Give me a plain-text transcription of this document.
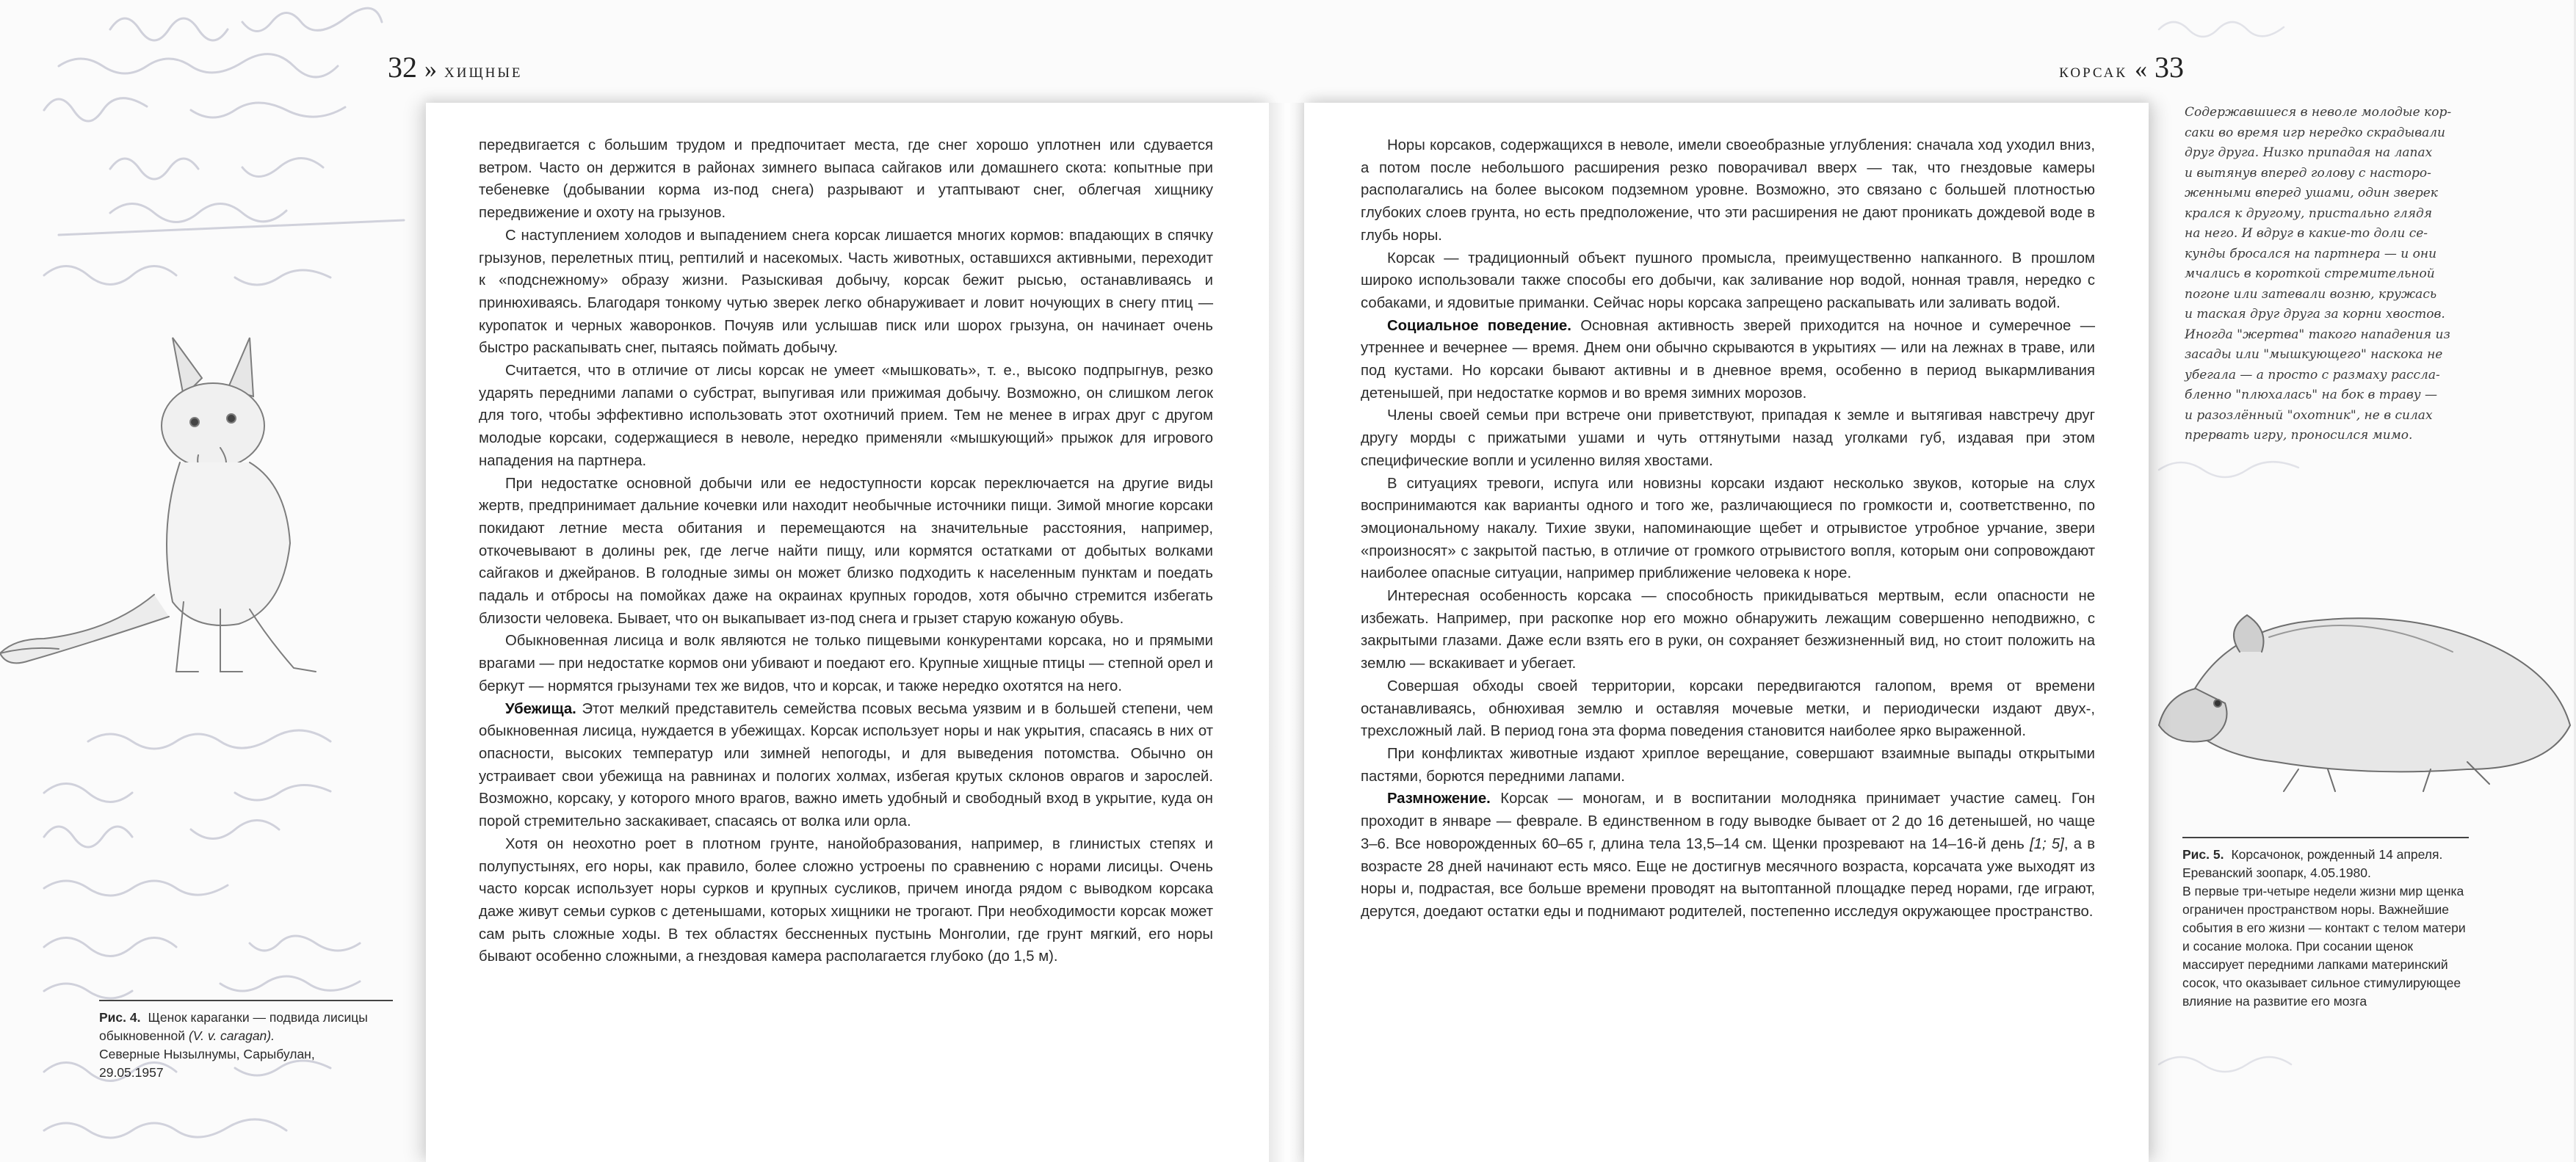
32 » ХИЩНЫЕ	КОРСАК « 33

передвигается с большим трудом и предпочитает места, где снег хорошо уплотнен или сдувается ветром. Часто он держится в районах зимнего выпаса сайгаков или домашнего скота: копытные при тебеневке (добывании корма из-под снега) разрывают и утаптывают снег, облегчая хищнику передвижение и охоту на грызунов.

С наступлением холодов и выпадением снега корсак лишается многих кормов: впадающих в спячку грызунов, перелетных птиц, рептилий и насекомых. Часть животных, оставшихся активными, переходит к «подснежному» образу жизни. Разыскивая добычу, корсак бежит рысью, останавливаясь и принюхиваясь. Благодаря тонкому чутью зверек легко обнаруживает и ловит ночующих в снегу птиц — куропаток и черных жаворонков. Почуяв или услышав писк или шорох грызуна, он начинает очень быстро раскапывать снег, пытаясь поймать добычу.

Считается, что в отличие от лисы корсак не умеет «мышковать», т. е., высоко подпрыгнув, резко ударять передними лапами о субстрат, выпугивая или прижимая добычу. Возможно, он слишком легок для того, чтобы эффективно использовать этот охотничий прием. Тем не менее в играх друг с другом молодые корсаки, содержащиеся в неволе, нередко применяли «мышкующий» прыжок для игрового нападения на партнера.

При недостатке основной добычи или ее недоступности корсак переключается на другие виды жертв, предпринимает дальние кочевки или находит необычные источники пищи. Зимой многие корсаки покидают летние места обитания и перемещаются на значительные расстояния, например, откочевывают в долины рек, где легче найти пищу, или кормятся остатками от добытых волками сайгаков и джейранов. В голодные зимы он может близко подходить к населенным пунктам и поедать падаль и отбросы на помойках даже на окраинах крупных городов, хотя обычно стремится избегать близости человека. Бывает, что он выкапывает из-под снега и грызет старую кожаную обувь.

Обыкновенная лисица и волк являются не только пищевыми конкурентами корсака, но и прямыми врагами — при недостатке кормов они убивают и поедают его. Крупные хищные птицы — степной орел и беркут — нормятся грызунами тех же видов, что и корсак, и также нередко охотятся на него.

Убежища. Этот мелкий представитель семейства псовых весьма уязвим и в большей степени, чем обыкновенная лисица, нуждается в убежищах. Корсак использует норы и нак укрытия, спасаясь в них от опасности, высоких температур или зимней непогоды, и для выведения потомства. Обычно он устраивает свои убежища на равнинах и пологих холмах, избегая крутых склонов оврагов и зарослей. Возможно, корсаку, у которого много врагов, важно иметь удобный и свободный вход в укрытие, куда он порой стремительно заскакивает, спасаясь от волка или орла.

Хотя он неохотно роет в плотном грунте, нанойобразования, например, в глинистых степях и полупустынях, его норы, как правило, более сложно устроены по сравнению с норами лисицы. Очень часто корсак использует норы сурков и крупных сусликов, причем иногда рядом с выводком корсака даже живут семьи сурков с детенышами, которых хищники не трогают. При необходимости корсак может сам рыть сложные ходы. В тех областях бессненных пустынь Монголии, где грунт мягкий, его норы бывают особенно сложными, а гнездовая камера располагается глубоко (до 1,5 м).

Норы корсаков, содержащихся в неволе, имели своеобразные углубления: сначала ход уходил вниз, а потом после небольшого расширения резко поворачивал вверх — так, что гнездовые камеры располагались на более высоком подземном уровне. Возможно, это связано с большей плотностью глубоких слоев грунта, но есть предположение, что эти расширения не дают проникать дождевой воде в глубь норы.

Корсак — традиционный объект пушного промысла, преимущественно напканного. В прошлом широко использовали также способы его добычи, как заливание нор водой, нонная травля, нередко с собаками, и ядовитые приманки. Сейчас норы корсака запрещено раскапывать или заливать водой.

Социальное поведение. Основная активность зверей приходится на ночное и сумеречное — утреннее и вечернее — время. Днем они обычно скрываются в укрытиях — или на лежнах в траве, или под кустами. Но корсаки бывают активны и в дневное время, особенно в период выкармливания детенышей, при недостатке кормов и во время зимних морозов.

Члены своей семьи при встрече они приветствуют, припадая к земле и вытягивая навстречу друг другу морды с прижатыми ушами и чуть оттянутыми назад уголками губ, издавая при этом специфические вопли и усиленно виляя хвостами.

В ситуациях тревоги, испуга или новизны корсаки издают несколько звуков, которые на слух воспринимаются как варианты одного и того же, различающиеся по громкости и, соответственно, по эмоциональному накалу. Тихие звуки, напоминающие щебет и отрывистое утробное урчание, звери «произносят» с закрытой пастью, в отличие от громкого отрывистого вопля, которым они сопровождают наиболее опасные ситуации, например приближение человека к норе.

Интересная особенность корсака — способность прикидываться мертвым, если опасности не избежать. Например, при раскопке нор его можно обнаружить лежащим совершенно неподвижно, с закрытыми глазами. Даже если взять его в руки, он сохраняет безжизненный вид, но стоит положить на землю — вскакивает и убегает.

Совершая обходы своей территории, корсаки передвигаются галопом, время от времени останавливаясь, обнюхивая землю и оставляя мочевые метки, и периодически издают двух-, трехсложный лай. В период гона эта форма поведения становится наиболее ярко выраженной.

При конфликтах животные издают хриплое верещание, совершают взаимные выпады открытыми пастями, борются передними лапами.

Размножение. Корсак — моногам, и в воспитании молодняка принимает участие самец. Гон проходит в январе — феврале. В единственном в году выводке бывает от 2 до 16 детенышей, но чаще 3–6. Все новорожденных 60–65 г, длина тела 13,5–14 см. Щенки прозревают на 14–16-й день [1; 5], а в возрасте 28 дней начинают есть мясо. Еще не достигнув месячного возраста, корсачата уже выходят из норы и, подрастая, все больше времени проводят на вытоптанной площадке перед норами, где играют, дерутся, доедают остатки еды и поднимают родителей, постепенно исследуя окружающее пространство.

Содержавшиеся в неволе молодые кор-
саки во время игр нередко скрадывали
друг друга. Низко припадая на лапах
и вытянув вперед голову с насторо-
женными вперед ушами, один зверек
крался к другому, пристально глядя
на него. И вдруг в какие-то доли се-
кунды бросался на партнера — и они
мчались в короткой стремительной
погоне или затевали возню, кружась
и таская друг друга за корни хвостов.
Иногда "жертва" такого нападения из
засады или "мышкующего" наскока не
убегала — а просто с размаху рассла-
бленно "плюхалась" на бок в траву —
и разозлённый "охотник", не в силах
прервать игру, проносился мимо.
Рис. 4. Щенок караганки — подвида лисицы обыкновенной (V. v. caragan).
Северные Нызылнумы, Сарыбулан,
29.05.1957
Рис. 5. Корсачонок, рожденный 14 апреля. Ереванский зоопарк, 4.05.1980.
В первые три-четыре недели жизни мир щенка ограничен пространством норы. Важнейшие события в его жизни — контакт с телом матери и сосание молока. При сосании щенок массирует передними лапками материнский сосок, что оказывает сильное стимулирующее влияние на развитие его мозга
